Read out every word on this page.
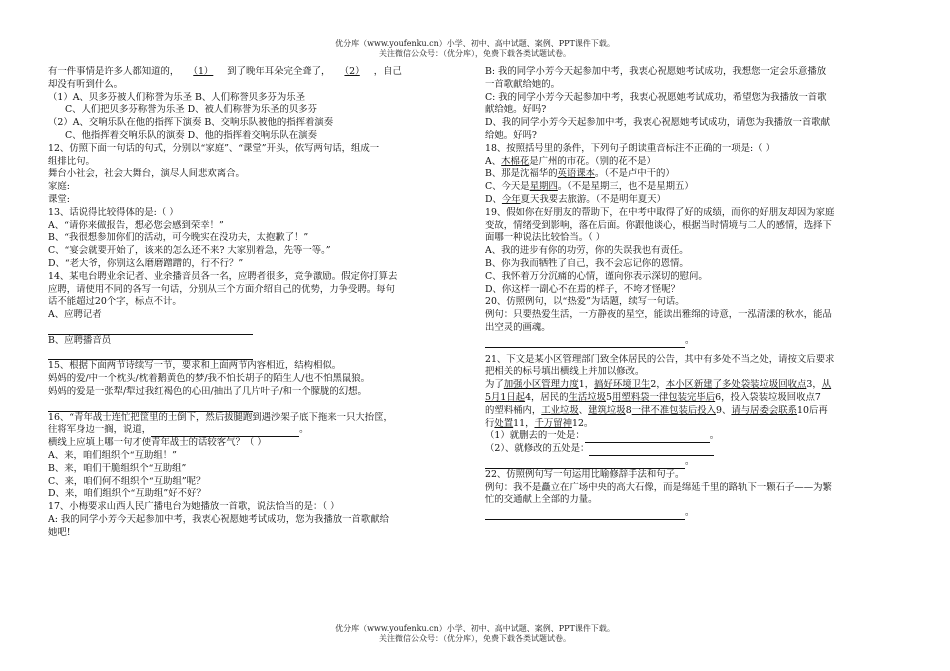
优分库（www.youfenku.cn）小学、初中、高中试题、案例、PPT课件下载。
关注微信公众号：（优分库），免费下载各类试题试卷。
有一件事情是许多人都知道的， （1） 到了晚年耳朵完全聋了， （2） ，自己
却没有听到什么。
（1）A、贝多芬被人们称誉为乐圣 B、人们称誉贝多芬为乐圣
C、人们把贝多芬称誉为乐圣 D、被人们称誉为乐圣的贝多芬
（2）A、交响乐队在他的指挥下演奏 B、交响乐队被他的指挥着演奏
C、他指挥着交响乐队的演奏 D、他的指挥着交响乐队在演奏
12、仿照下面一句话的句式，分别以“家庭”、“课堂”开头，依写两句话，组成一
组排比句。
舞台小社会，社会大舞台，演尽人间悲欢离合。
家庭:
课堂:
13、话说得比较得体的是:（ ）
A、“请你来做报告，想必您会感到荣幸！”
B、“我很想参加你们的活动，可今晚实在没功夫，太抱歉了！”
C、“宴会就要开始了，该来的怎么还不来? 大家别着急，先等一等。”
D、“老大爷，你别这么磨磨蹭蹭的，行不行？”
14、某电台聘业余记者、业余播音员各一名，应聘者很多，竞争激励。假定你打算去
应聘，请使用不同的各写一句话，分别从三个方面介绍自己的优势，力争受聘。每句
话不能超过20个字，标点不计。
A、应聘记者
B、应聘播音员
15、根据下面两节诗续写一节，要求和上面两节内容相近，结构相似。
妈妈的爱/中一个枕头/枕着鹅黄色的梦/我不怕长胡子的陌生人/也不怕黑鼠狼。
妈妈的爱是一张犁/犁过我红褐色的心田/抽出了几片叶子/和一个朦胧的幻想。
16、“青年战士连忙把筐里的土倒下，然后拔腿跑到遇沙架子底下拖来一只大抬筐，
往将军身边一搁，说道，	。
横线上应填上哪一句才使青年战士的话较客气？（ ）
A、来，咱们组织个“互助组！”
B、来，咱们干脆组织个“互助组”
C、来，咱们何不组织个“互助组”呢？
D、来，咱们组织个“互助组”好不好？
17、小梅要求山西人民广播电台为她播放一首歌，说法恰当的是：（ ）
A: 我的同学小芳今天起参加中考，我衷心祝愿她考试成功，您为我播放一首歌献给
她吧!
B: 我的同学小芳今天起参加中考，我衷心祝愿她考试成功，我想您一定会乐意播放
一首歌献给她的。
C: 我的同学小芳今天起参加中考，我衷心祝愿她考试成功，希望您为我播放一首歌
献给她。好吗?
D、我的同学小芳今天起参加中考，我衷心祝愿她考试成功，请您为我播放一首歌献
给她。好吗?
18、按照括号里的条件，下列句子朗读重音标注不正确的一项是:（ ）
A、木棉花是广州的市花。（别的花不是）
B、那是沈福华的英语课本。（不是卢中干的）
C、今天是星期四。（不是星期三，也不是星期五）
D、今年夏天我要去旅游。（不是明年夏天）
19、假如你在好朋友的帮助下，在中考中取得了好的成绩，而你的好朋友却因为家庭
变故，情绪受到影响，落在后面。你跟他谈心，根据当时情境与二人的感情，选择下
面哪一种说法比较恰当。（ ）
A、我的进步有你的功劳，你的失误我也有责任。
B、你为我而牺牲了自己，我不会忘记你的恩情。
C、我怀着万分沉痛的心情，谨向你表示深切的慰问。
D、你这样一副心不在焉的样子，不垮才怪呢？
20、仿照例句，以“热爱”为话题，续写一句话。
例句：只要热爱生活，一方静夜的星空，能读出雅绵的诗意，一泓清漾的秋水，能品
出空灵的画魂。
。
21、下文是某小区管理部门致全体居民的公告，其中有多处不当之处，请按文后要求
把相关的标号填出横线上并加以修改。
为了加强小区管理力度1，搞好环境卫生2，本小区新建了多处袋装垃圾回收点3，从
5月1日起4，居民的生活垃圾5用塑料袋一律包装完毕后6，投入袋装垃圾回收点7
的塑料桶内，工业垃圾、建筑垃圾8一律不准包装后投入9、请与居委会联系10后再
行处置11，千万留神12。
（1）就删去的一处是：	。
（2）、就修改的五处是：
。
22、仿照例句写一句运用比喻修辞手法和句子。
例句：我不是矗立在广场中央的高大石像，而是绵延千里的路轨下一颗石子——为繁
忙的交通献上全部的力量。
。
优分库（www.youfenku.cn）小学、初中、高中试题、案例、PPT课件下载。
关注微信公众号：（优分库），免费下载各类试题试卷。
